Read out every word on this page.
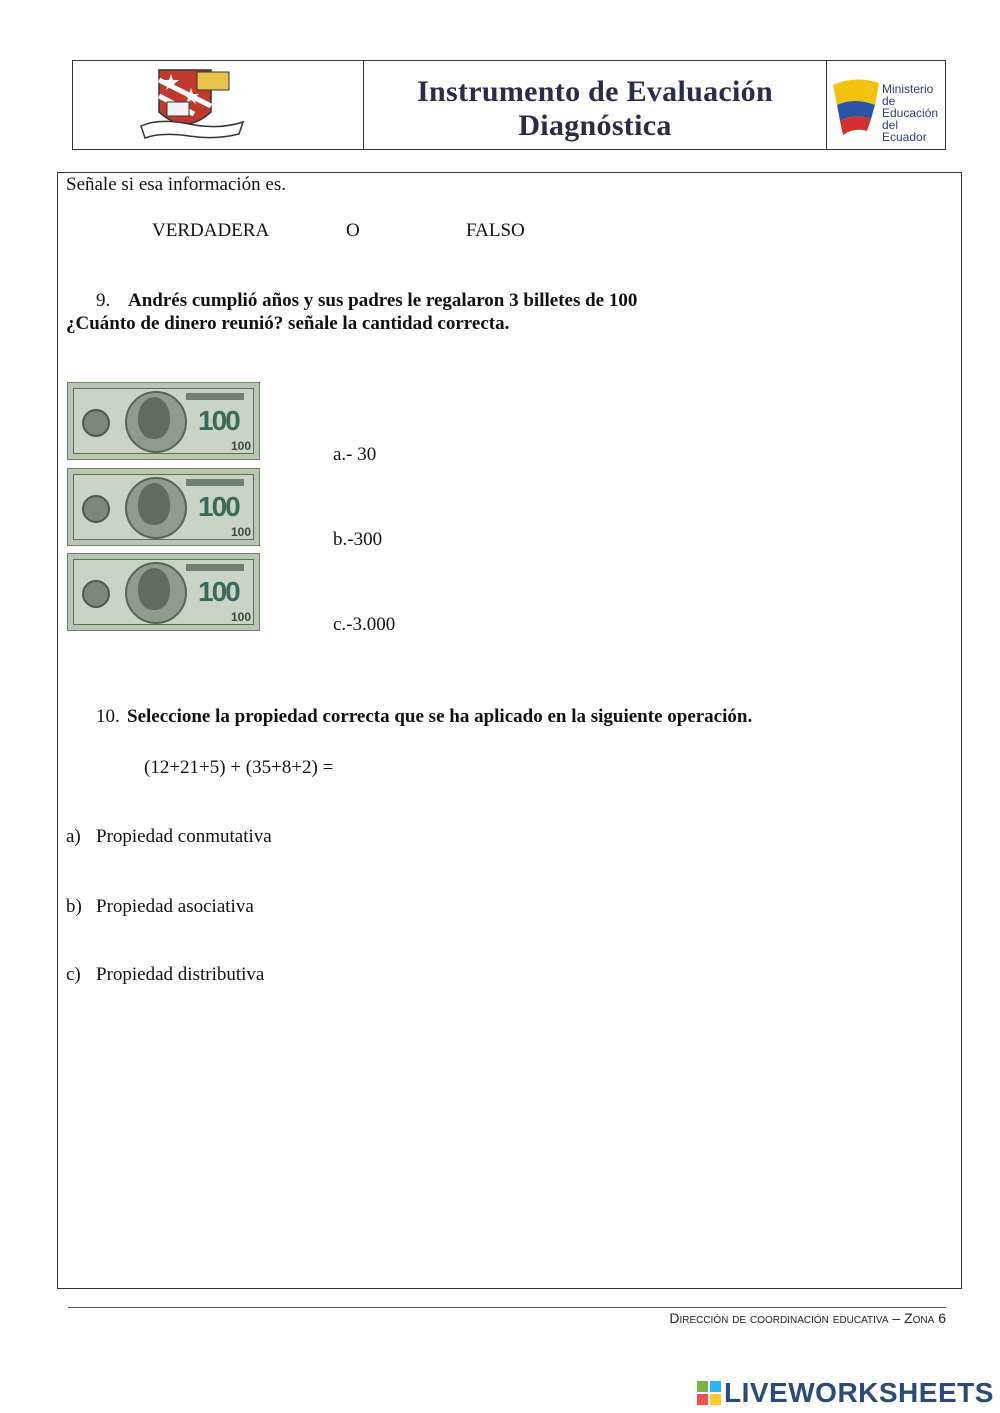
Instrumento de Evaluación
Diagnóstica
Ministerio de
Educación
del Ecuador
Señale si esa información es.
VERDADERA	O	FALSO
9. Andrés cumplió años y sus padres le regalaron 3 billetes de 100
¿Cuánto de dinero reunió? señale la cantidad correcta.
100
100
100
100
100
100
a.- 30
b.-300
c.-3.000
10. Seleccione la propiedad correcta que se ha aplicado en la siguiente operación.
(12+21+5) + (35+8+2) =
a) Propiedad conmutativa
b) Propiedad asociativa
c) Propiedad distributiva
Dirección de coordinación educativa – Zona 6
LIVEWORKSHEETS
